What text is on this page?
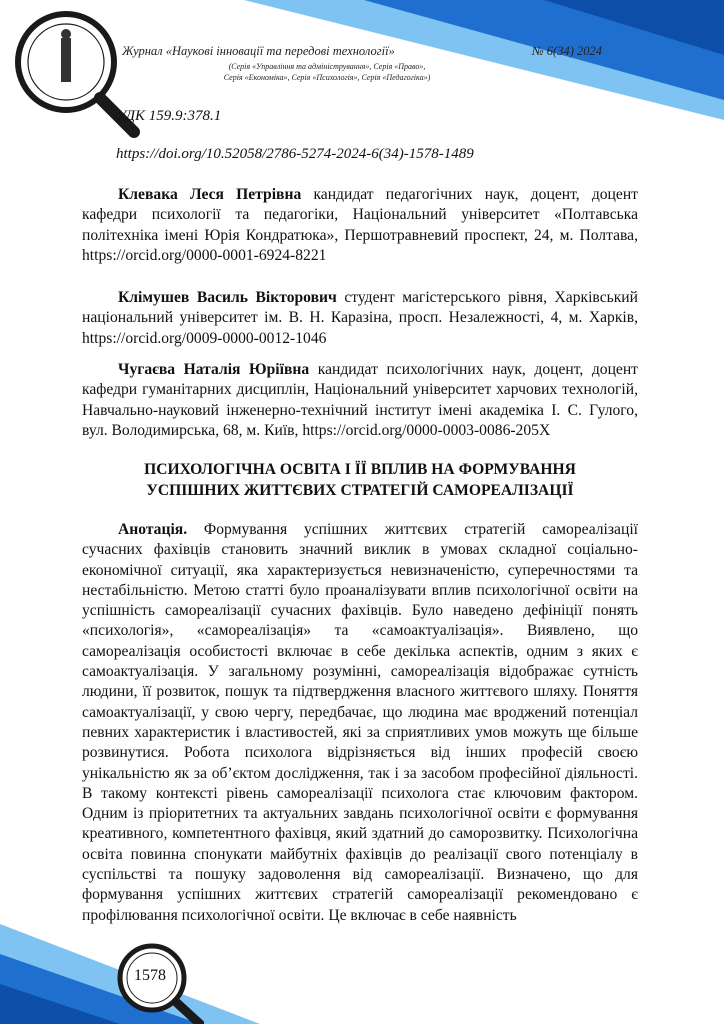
Журнал «Наукові інновації та передові технології»	№ 6(34) 2024
(Серія «Управління та адміністрування», Серія «Право»,
Серія «Економіка», Серія «Психологія», Серія «Педагогіка»)
УДК 159.9:378.1
https://doi.org/10.52058/2786-5274-2024-6(34)-1578-1489
Клевака Леся Петрівна кандидат педагогічних наук, доцент, доцент кафедри психології та педагогіки, Національний університет «Полтавська політехніка імені Юрія Кондратюка», Першотравневий проспект, 24, м. Полтава, https://orcid.org/0000-0001-6924-8221
Клімушев Василь Вікторович студент магістерського рівня, Харківський національний університет ім. В. Н. Каразіна, просп. Незалежності, 4, м. Харків, https://orcid.org/0009-0000-0012-1046
Чугаєва Наталія Юріївна кандидат психологічних наук, доцент, доцент кафедри гуманітарних дисциплін, Національний університет харчових технологій, Навчально-науковий інженерно-технічний інститут імені академіка І. С. Гулого, вул. Володимирська, 68, м. Київ, https://orcid.org/0000-0003-0086-205X
ПСИХОЛОГІЧНА ОСВІТА І ЇЇ ВПЛИВ НА ФОРМУВАННЯ
УСПІШНИХ ЖИТТЄВИХ СТРАТЕГІЙ САМОРЕАЛІЗАЦІЇ
Анотація. Формування успішних життєвих стратегій самореалізації сучасних фахівців становить значний виклик в умовах складної соціально-економічної ситуації, яка характеризується невизначеністю, суперечностями та нестабільністю. Метою статті було проаналізувати вплив психологічної освіти на успішність самореалізації сучасних фахівців. Було наведено дефініції понять «психологія», «самореалізація» та «самоактуалізація». Виявлено, що самореалізація особистості включає в себе декілька аспектів, одним з яких є самоактуалізація. У загальному розумінні, самореалізація відображає сутність людини, її розвиток, пошук та підтвердження власного життєвого шляху. Поняття самоактуалізації, у свою чергу, передбачає, що людина має вроджений потенціал певних характеристик і властивостей, які за сприятливих умов можуть ще більше розвинутися. Робота психолога відрізняється від інших професій своєю унікальністю як за об’єктом дослідження, так і за засобом професійної діяльності. В такому контексті рівень самореалізації психолога стає ключовим фактором. Одним із пріоритетних та актуальних завдань психологічної освіти є формування креативного, компетентного фахівця, який здатний до саморозвитку. Психологічна освіта повинна спонукати майбутніх фахівців до реалізації свого потенціалу в суспільстві та пошуку задоволення від самореалізації. Визначено, що для формування успішних життєвих стратегій самореалізації рекомендовано є профілювання психологічної освіти. Це включає в себе наявність
1578
